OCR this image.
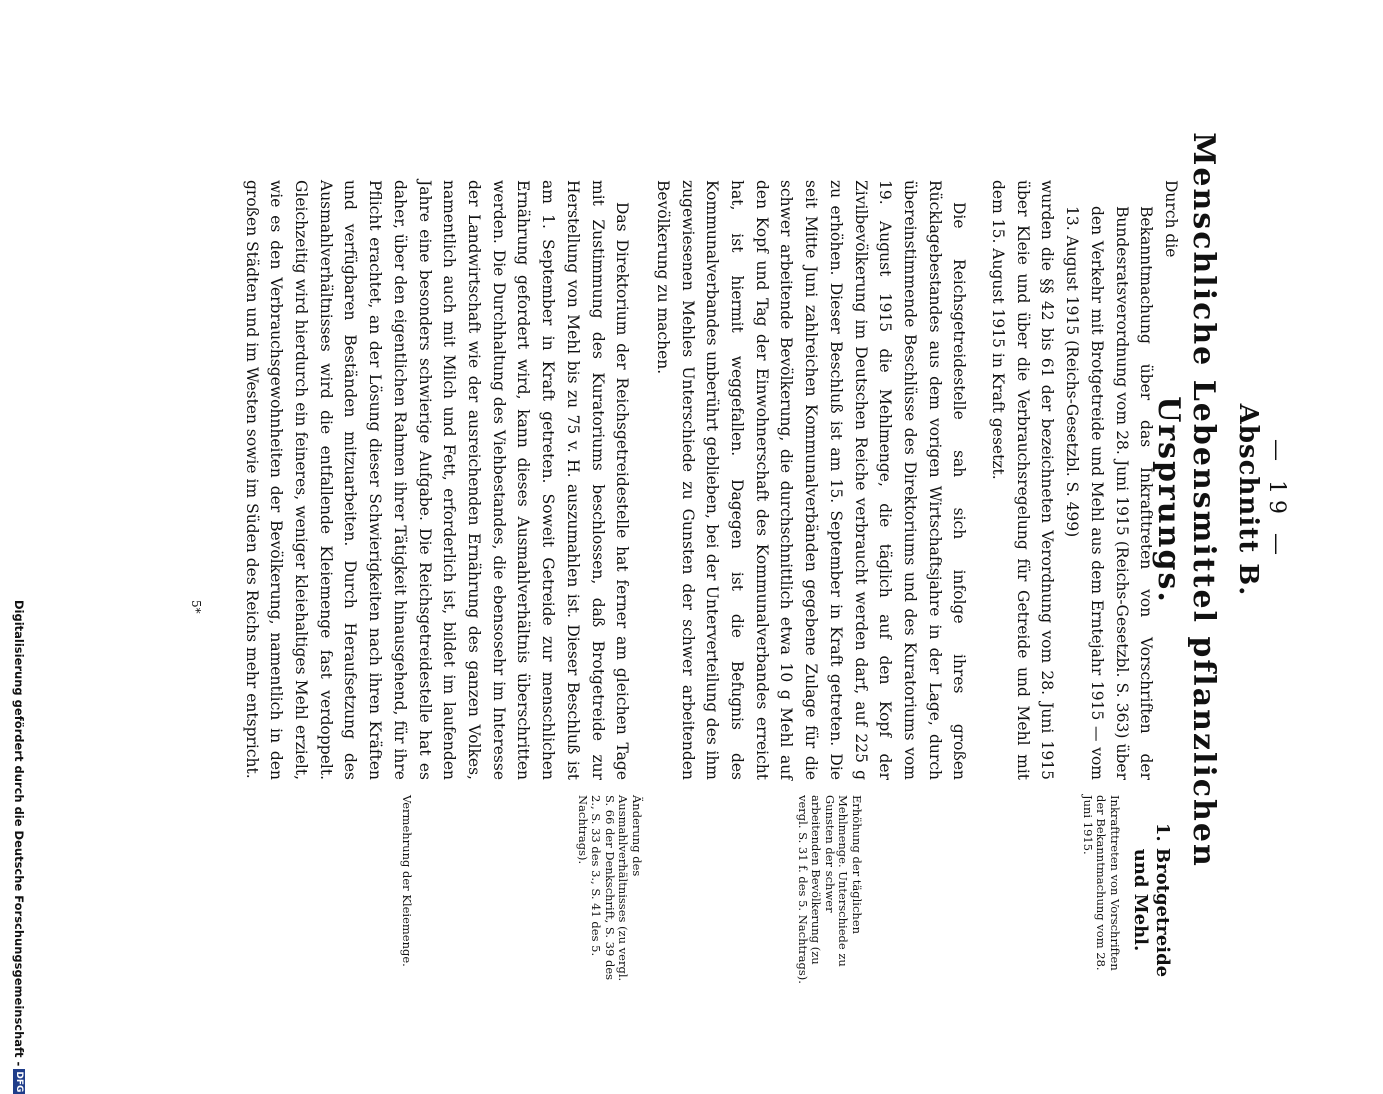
— 19 —
Abschnitt B.
Menschliche Lebensmittel pflanzlichen Ursprungs.

Durch die

Bekanntmachung über das Inkrafttreten von Vorschriften der Bundesratsverordnung vom 28. Juni 1915 (Reichs-Gesetzbl. S. 363) über den Verkehr mit Brotgetreide und Mehl aus dem Erntejahr 1915 — vom 13. August 1915 (Reichs-Gesetzbl. S. 499)

wurden die §§ 42 bis 61 der bezeichneten Verordnung vom 28. Juni 1915 über Kleie und über die Verbrauchsregelung für Getreide und Mehl mit dem 15. August 1915 in Kraft gesetzt.

Die Reichsgetreidestelle sah sich infolge ihres großen Rücklagebestandes aus dem vorigen Wirtschaftsjahre in der Lage, durch übereinstimmende Beschlüsse des Direktoriums und des Kuratoriums vom 19. August 1915 die Mehlmenge, die täglich auf den Kopf der Zivilbevölkerung im Deutschen Reiche verbraucht werden darf, auf 225 g zu erhöhen. Dieser Beschluß ist am 15. September in Kraft getreten. Die seit Mitte Juni zahlreichen Kommunalverbänden gegebene Zulage für die schwer arbeitende Bevölkerung, die durchschnittlich etwa 10 g Mehl auf den Kopf und Tag der Einwohnerschaft des Kommunalverbandes erreicht hat, ist hiermit weggefallen. Dagegen ist die Befugnis des Kommunalverbandes unberührt geblieben, bei der Unterverteilung des ihm zugewiesenen Mehles Unterschiede zu Gunsten der schwer arbeitenden Bevölkerung zu machen.

Das Direktorium der Reichsgetreidestelle hat ferner am gleichen Tage mit Zustimmung des Kuratoriums beschlossen, daß Brotgetreide zur Herstellung von Mehl bis zu 75 v. H. auszumahlen ist. Dieser Beschluß ist am 1. September in Kraft getreten. Soweit Getreide zur menschlichen Ernährung gefordert wird, kann dieses Ausmahlverhältnis überschritten werden. Die Durchhaltung des Viehbestandes, die ebensosehr im Interesse der Landwirtschaft wie der ausreichenden Ernährung des ganzen Volkes, namentlich auch mit Milch und Fett, erforderlich ist, bildet im laufenden Jahre eine besonders schwierige Aufgabe. Die Reichsgetreidestelle hat es daher, über den eigentlichen Rahmen ihrer Tätigkeit hinausgehend, für ihre Pflicht erachtet, an der Lösung dieser Schwierigkeiten nach ihren Kräften und verfügbaren Beständen mitzuarbeiten. Durch Heraufsetzung des Ausmahlverhältnisses wird die entfallende Kleiemenge fast verdoppelt. Gleichzeitig wird hierdurch ein feineres, weniger kleiehaltiges Mehl erzielt, wie es den Verbrauchsgewohnheiten der Bevölkerung, namentlich in den großen Städten und im Westen sowie im Süden des Reichs mehr entspricht.

1. Brotgetreide und Mehl.
Inkrafttreten von Vorschriften der Bekanntmachung vom 28. Juni 1915.
Erhöhung der täglichen Mehlmenge. Unterschiede zu Gunsten der schwer arbeitenden Bevölkerung (zu vergl. S. 31 f. des 5. Nachtrags).
Änderung des Ausmahlverhältnisses (zu vergl. S. 66 der Denkschrift, S. 39 des 2., S. 33 des 3., S. 41 des 5. Nachtrags).
Vermehrung der Kleiemenge.
5*
Digitalisierung gefördert durch die Deutsche Forschungsgemeinschaft -
DFG
